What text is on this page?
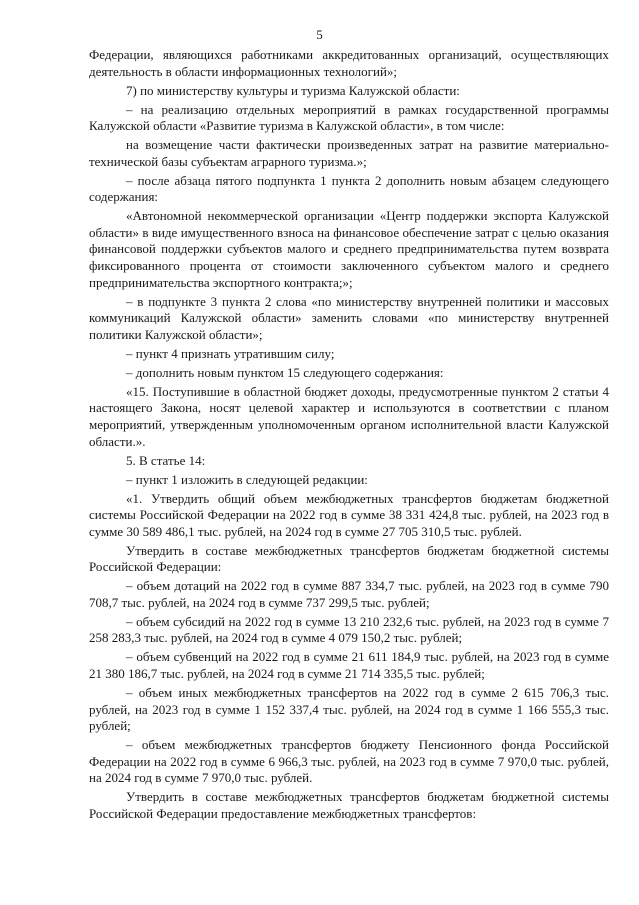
5

Федерации, являющихся работниками аккредитованных организаций, осуществляющих деятельность в области информационных технологий»;

7) по министерству культуры и туризма Калужской области:

– на реализацию отдельных мероприятий в рамках государственной программы Калужской области «Развитие туризма в Калужской области», в том числе:

на возмещение части фактически произведенных затрат на развитие материально-технической базы субъектам аграрного туризма.»;

– после абзаца пятого подпункта 1 пункта 2 дополнить новым абзацем следующего содержания:

«Автономной некоммерческой организации «Центр поддержки экспорта Калужской области» в виде имущественного взноса на финансовое обеспечение затрат с целью оказания финансовой поддержки субъектов малого и среднего предпринимательства путем возврата фиксированного процента от стоимости заключенного субъектом малого и среднего предпринимательства экспортного контракта;»;

– в подпункте 3 пункта 2 слова «по министерству внутренней политики и массовых коммуникаций Калужской области» заменить словами «по министерству внутренней политики Калужской области»;

– пункт 4 признать утратившим силу;

– дополнить новым пунктом 15 следующего содержания:

«15. Поступившие в областной бюджет доходы, предусмотренные пунктом 2 статьи 4 настоящего Закона, носят целевой характер и используются в соответствии с планом мероприятий, утвержденным уполномоченным органом исполнительной власти Калужской области.».

5. В статье 14:

– пункт 1 изложить в следующей редакции:

«1. Утвердить общий объем межбюджетных трансфертов бюджетам бюджетной системы Российской Федерации на 2022 год в сумме 38 331 424,8 тыс. рублей, на 2023 год в сумме 30 589 486,1 тыс. рублей, на 2024 год в сумме 27 705 310,5 тыс. рублей.

Утвердить в составе межбюджетных трансфертов бюджетам бюджетной системы Российской Федерации:

– объем дотаций на 2022 год в сумме 887 334,7 тыс. рублей, на 2023 год в сумме 790 708,7 тыс. рублей, на 2024 год в сумме 737 299,5 тыс. рублей;

– объем субсидий на 2022 год в сумме 13 210 232,6 тыс. рублей, на 2023 год в сумме 7 258 283,3 тыс. рублей, на 2024 год в сумме 4 079 150,2 тыс. рублей;

– объем субвенций на 2022 год в сумме 21 611 184,9 тыс. рублей, на 2023 год в сумме 21 380 186,7 тыс. рублей, на 2024 год в сумме 21 714 335,5 тыс. рублей;

– объем иных межбюджетных трансфертов на 2022 год в сумме 2 615 706,3 тыс. рублей, на 2023 год в сумме 1 152 337,4 тыс. рублей, на 2024 год в сумме 1 166 555,3 тыс. рублей;

– объем межбюджетных трансфертов бюджету Пенсионного фонда Российской Федерации на 2022 год в сумме 6 966,3 тыс. рублей, на 2023 год в сумме 7 970,0 тыс. рублей, на 2024 год в сумме 7 970,0 тыс. рублей.

Утвердить в составе межбюджетных трансфертов бюджетам бюджетной системы Российской Федерации предоставление межбюджетных трансфертов:
